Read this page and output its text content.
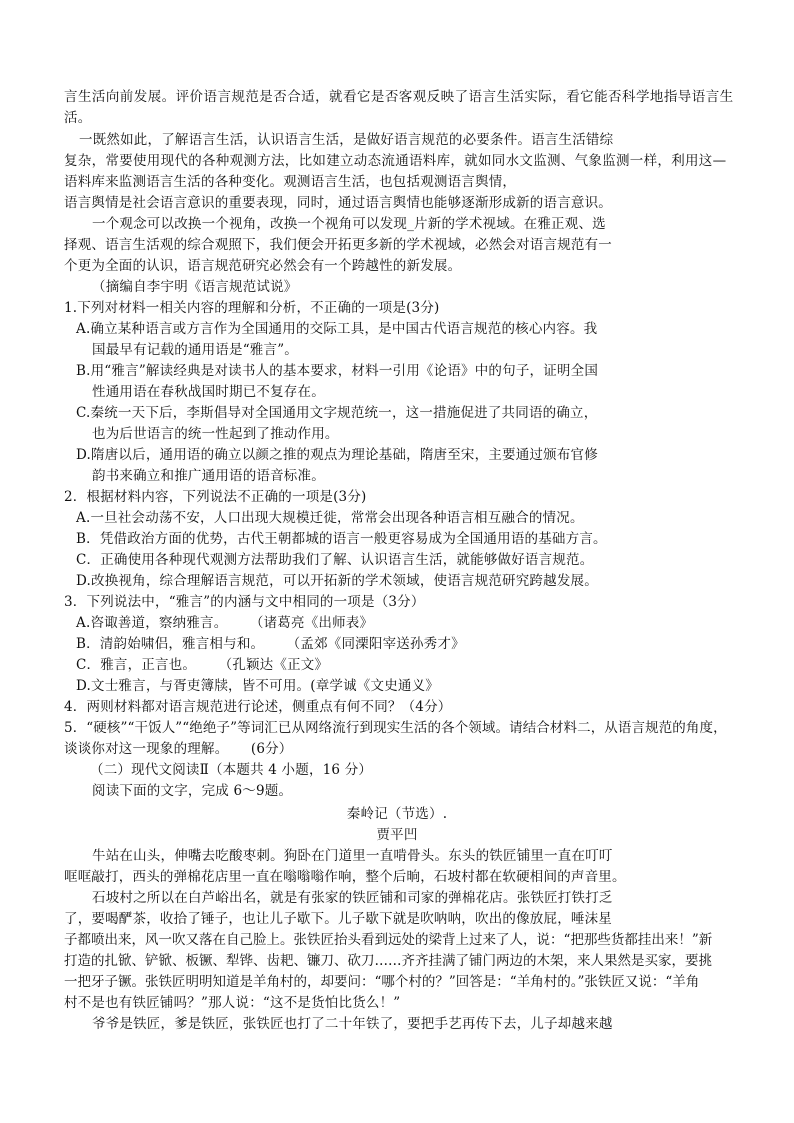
言生活向前发展。评价语言规范是否合适，就看它是否客观反映了语言生活实际，看它能否科学地指导语言生
活。
一既然如此，了解语言生活，认识语言生活，是做好语言规范的必要条件。语言生活错综
复杂，常要使用现代的各种观测方法，比如建立动态流通语料库，就如同水文监测、气象监测一样，利用这—
语料库来监测语言生活的各种变化。观测语言生活，也包括观测语言舆情，
语言舆情是社会语言意识的重要表现，同时，通过语言舆情也能够逐渐形成新的语言意识。
一个观念可以改换一个视角，改换一个视角可以发现_片新的学术视域。在雅正观、选
择观、语言生活观的综合观照下，我们便会开拓更多新的学术视域，必然会对语言规范有一
个更为全面的认识，语言规范研究必然会有一个跨越性的新发展。
（摘编自李宇明《语言规范试说》
1.下列对材料一相关内容的理解和分析，不正确的一项是(3分)
A.确立某种语言或方言作为全国通用的交际工具，是中国古代语言规范的核心内容。我
国最早有记载的通用语是“雅言”。
B.用“雅言”解读经典是对读书人的基本要求，材料一引用《论语》中的句子，证明全国
性通用语在春秋战国时期已不复存在。
C.秦统一天下后，李斯倡导对全国通用文字规范统一，这一措施促进了共同语的确立，
也为后世语言的统一性起到了推动作用。
D.隋唐以后，通用语的确立以颜之推的观点为理论基础，隋唐至宋，主要通过颁布官修
韵书来确立和推广通用语的语音标准。
2．根据材料内容，下列说法不正确的一项是(3分)
A.一旦社会动荡不安，人口出现大规模迁徙，常常会出现各种语言相互融合的情况。
B．凭借政治方面的优势，古代王朝都城的语言一般更容易成为全国通用语的基础方言。
C．正确使用各种现代观测方法帮助我们了解、认识语言生活，就能够做好语言规范。
D.改换视角，综合理解语言规范，可以开拓新的学术领域，使语言规范研究跨越发展。
3．下列说法中，“雅言”的内涵与文中相同的一项是（3分）
A.咨诹善道，察纳雅言。     （诸葛亮《出师表》
B．清韵始啸侣，雅言相与和。     （孟郊《同溧阳宰送孙秀才》
C．雅言，正言也。     （孔颖达《正文》
D.文士雅言，与胥吏簿牍，皆不可用。(章学诚《文史通义》
4．两则材料都对语言规范进行论述，侧重点有何不同？（4分）
5．“硬核”“干饭人”“绝绝子”等词汇已从网络流行到现实生活的各个领域。请结合材料二，从语言规范的角度，
谈谈你对这一现象的理解。     (6分）
（二）现代文阅读Ⅱ（本题共 4 小题，16 分）
阅读下面的文字，完成 6～9题。
秦岭记（节选）.
贾平凹
牛站在山头，伸嘴去吃酸枣刺。狗卧在门道里一直啃骨头。东头的铁匠铺里一直在叮叮
哐哐敲打，西头的弹棉花店里一直在嗡嗡嗡作响，整个后晌，石坡村都在软硬相间的声音里。
石坡村之所以在白芦峪出名，就是有张家的铁匠铺和司家的弹棉花店。张铁匠打铁打乏
了，要喝酽茶，收拾了锤子，也让儿子歇下。儿子歇下就是吹呐呐，吹出的像放屁，唾沫星
子都喷出来，风一吹又落在自己脸上。张铁匠抬头看到远处的梁背上过来了人，说：“把那些货都挂出来！”新
打造的扎锨、铲锨、板镢、犁铧、齿耙、镰刀、砍刀……齐齐挂满了铺门两边的木架，来人果然是买家，要挑
一把牙子镢。张铁匠明明知道是羊角村的，却要问：“哪个村的？”回答是：“羊角村的。”张铁匠又说：“羊角
村不是也有铁匠铺吗？”那人说：“这不是货怕比货么！”
爷爷是铁匠，爹是铁匠，张铁匠也打了二十年铁了，要把手艺再传下去，儿子却越来越
